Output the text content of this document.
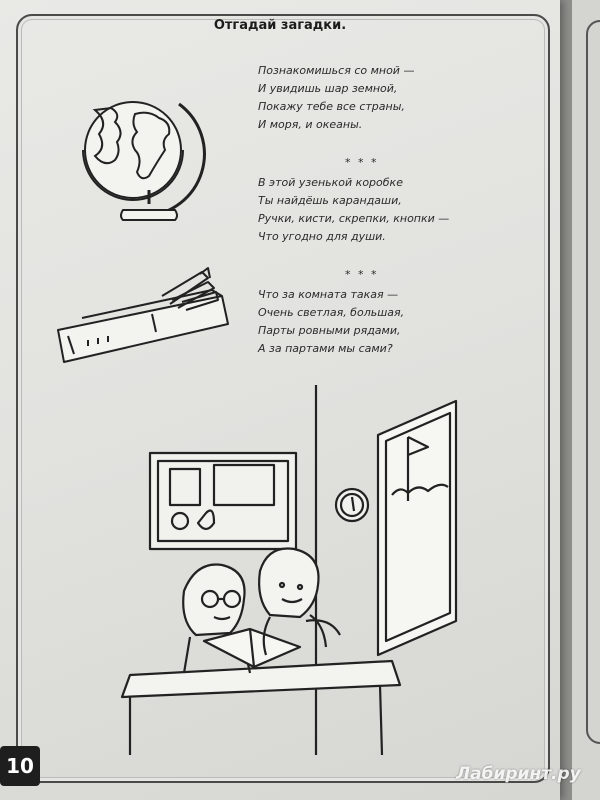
Отгадай загадки.
Познакомишься со мной —
И увидишь шар земной,
Покажу тебе все страны,
И моря, и океаны.
* * *
В этой узенькой коробке
Ты найдёшь карандаши,
Ручки, кисти, скрепки, кнопки —
Что угодно для души.
* * *
Что за комната такая —
Очень светлая, большая,
Парты ровными рядами,
А за партами мы сами?
10	Лабиринт.ру
